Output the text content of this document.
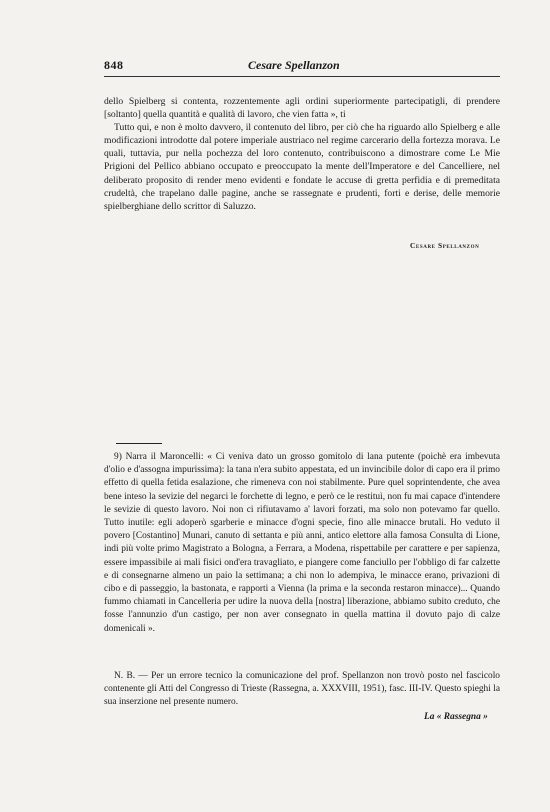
848	Cesare Spellanzon

dello Spielberg si contenta, rozzentemente agli ordini superiormente partecipatigli, di prendere [soltanto] quella quantità e qualità di lavoro, che vien fatta », ti

Tutto qui, e non è molto davvero, il contenuto del libro, per ciò che ha riguardo allo Spielberg e alle modificazioni introdotte dal potere imperiale austriaco nel regime carcerario della fortezza morava. Le quali, tuttavia, pur nella pochezza del loro contenuto, contribuiscono a dimostrare come Le Mie Prigioni del Pellico abbiano occupato e preoccupato la mente dell'Imperatore e del Cancelliere, nel deliberato proposito di render meno evidenti e fondate le accuse di gretta perfidia e di premeditata crudeltà, che trapelano dalle pagine, anche se rassegnate e prudenti, forti e derise, delle memorie spielberghiane dello scrittor di Saluzzo.

Cesare Spellanzon

9) Narra il Maroncelli: « Ci veniva dato un grosso gomitolo di lana putente (poichè era imbevuta d'olio e d'assogna impurissima): la tana n'era subito appestata, ed un invincibile dolor di capo era il primo effetto di quella fetida esalazione, che rimeneva con noi stabilmente. Pure quel soprintendente, che avea bene inteso la sevizie del negarci le forchette di legno, e però ce le restituì, non fu mai capace d'intendere le sevizie di questo lavoro. Noi non ci rifiutavamo a' lavori forzati, ma solo non potevamo far quello. Tutto inutile: egli adoperò sgarberie e minacce d'ogni specie, fino alle minacce brutali. Ho veduto il povero [Costantino] Munari, canuto di settanta e più anni, antico elettore alla famosa Consulta di Lione, indi più volte primo Magistrato a Bologna, a Ferrara, a Modena, rispettabile per carattere e per sapienza, essere impassibile ai mali fisici ond'era travagliato, e piangere come fanciullo per l'obbligo di far calzette e di consegnarne almeno un paio la settimana; a chi non lo adempiva, le minacce erano, privazioni di cibo e di passeggio, la bastonata, e rapporti a Vienna (la prima e la seconda restaron minacce)... Quando fummo chiamati in Cancelleria per udire la nuova della [nostra] liberazione, abbiamo subito creduto, che fosse l'annunzio d'un castigo, per non aver consegnato in quella mattina il dovuto pajo di calze domenicali ».

N. B. — Per un errore tecnico la comunicazione del prof. Spellanzon non trovò posto nel fascicolo contenente gli Atti del Congresso di Trieste (Rassegna, a. XXXVIII, 1951), fasc. III-IV. Questo spieghi la sua inserzione nel presente numero.

La « Rassegna »
